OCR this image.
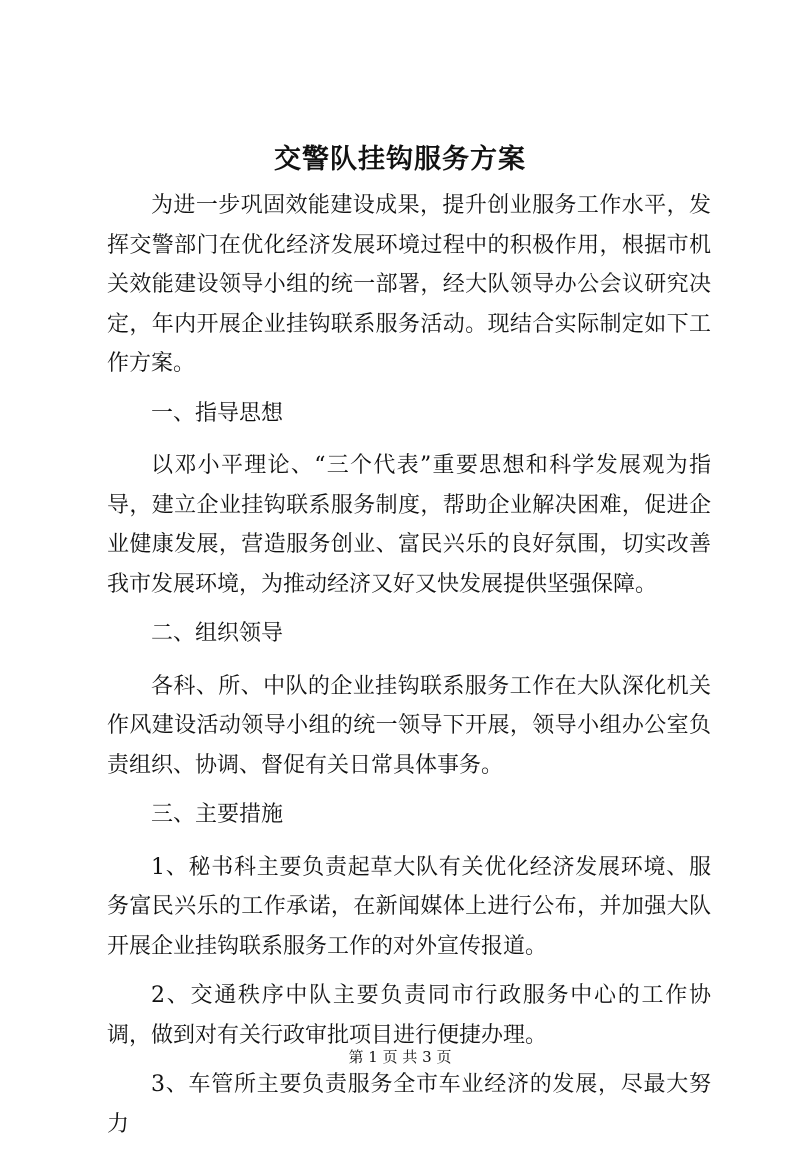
交警队挂钩服务方案

为进一步巩固效能建设成果，提升创业服务工作水平，发挥交警部门在优化经济发展环境过程中的积极作用，根据市机关效能建设领导小组的统一部署，经大队领导办公会议研究决定，年内开展企业挂钩联系服务活动。现结合实际制定如下工作方案。

一、指导思想

以邓小平理论、“三个代表”重要思想和科学发展观为指导，建立企业挂钩联系服务制度，帮助企业解决困难，促进企业健康发展，营造服务创业、富民兴乐的良好氛围，切实改善我市发展环境，为推动经济又好又快发展提供坚强保障。

二、组织领导

各科、所、中队的企业挂钩联系服务工作在大队深化机关作风建设活动领导小组的统一领导下开展，领导小组办公室负责组织、协调、督促有关日常具体事务。

三、主要措施

1、秘书科主要负责起草大队有关优化经济发展环境、服务富民兴乐的工作承诺，在新闻媒体上进行公布，并加强大队开展企业挂钩联系服务工作的对外宣传报道。

2、交通秩序中队主要负责同市行政服务中心的工作协调，做到对有关行政审批项目进行便捷办理。

3、车管所主要负责服务全市车业经济的发展，尽最大努力

第 1 页 共 3 页
